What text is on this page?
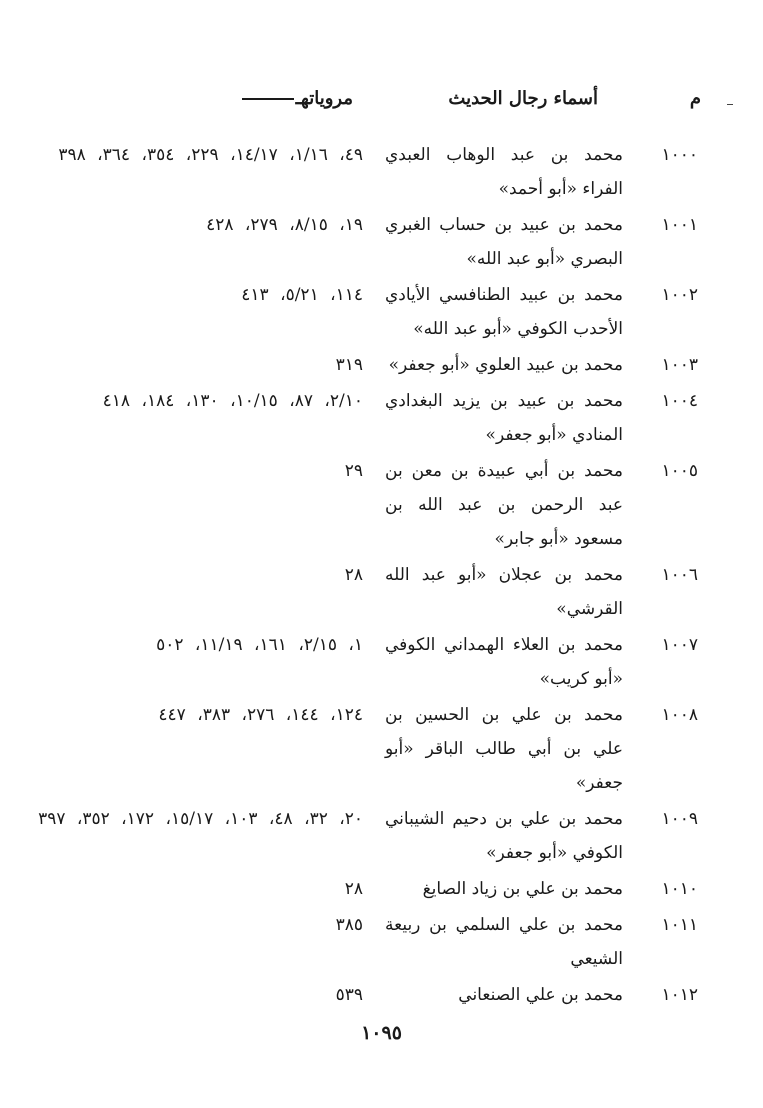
م
أسماء رجال الحديث
مروياتهـ
١٠٠٠
محمد بن عبد الوهاب العبدي الفراء «أبو أحمد»
٤٩، ١/١٦، ١٤/١٧، ٢٢٩، ٣٥٤، ٣٦٤، ٣٩٨
١٠٠١
محمد بن عبيد بن حساب الغبري البصري «أبو عبد الله»
١٩، ٨/١٥، ٢٧٩، ٤٢٨
١٠٠٢
محمد بن عبيد الطنافسي الأيادي الأحدب الكوفي «أبو عبد الله»
١١٤، ٥/٢١، ٤١٣
١٠٠٣
محمد بن عبيد العلوي «أبو جعفر»
٣١٩
١٠٠٤
محمد بن عبيد بن يزيد البغدادي المنادي «أبو جعفر»
٢/١٠، ٨٧، ١٠/١٥، ١٣٠، ١٨٤، ٤١٨
١٠٠٥
محمد بن أبي عبيدة بن معن بن عبد الرحمن بن عبد الله بن مسعود «أبو جابر»
٢٩
١٠٠٦
محمد بن عجلان «أبو عبد الله القرشي»
٢٨
١٠٠٧
محمد بن العلاء الهمداني الكوفي «أبو كريب»
١، ٢/١٥، ١٦١، ١١/١٩، ٥٠٢
١٠٠٨
محمد بن علي بن الحسين بن علي بن أبي طالب الباقر «أبو جعفر»
١٢٤، ١٤٤، ٢٧٦، ٣٨٣، ٤٤٧
١٠٠٩
محمد بن علي بن دحيم الشيباني الكوفي «أبو جعفر»
٢٠، ٣٢، ٤٨، ١٠٣، ١٥/١٧، ١٧٢، ٣٥٢، ٣٩٧
١٠١٠
محمد بن علي بن زياد الصايغ
٢٨
١٠١١
محمد بن علي السلمي بن ربيعة الشيعي
٣٨٥
١٠١٢
محمد بن علي الصنعاني
٥٣٩
١٠٩٥
